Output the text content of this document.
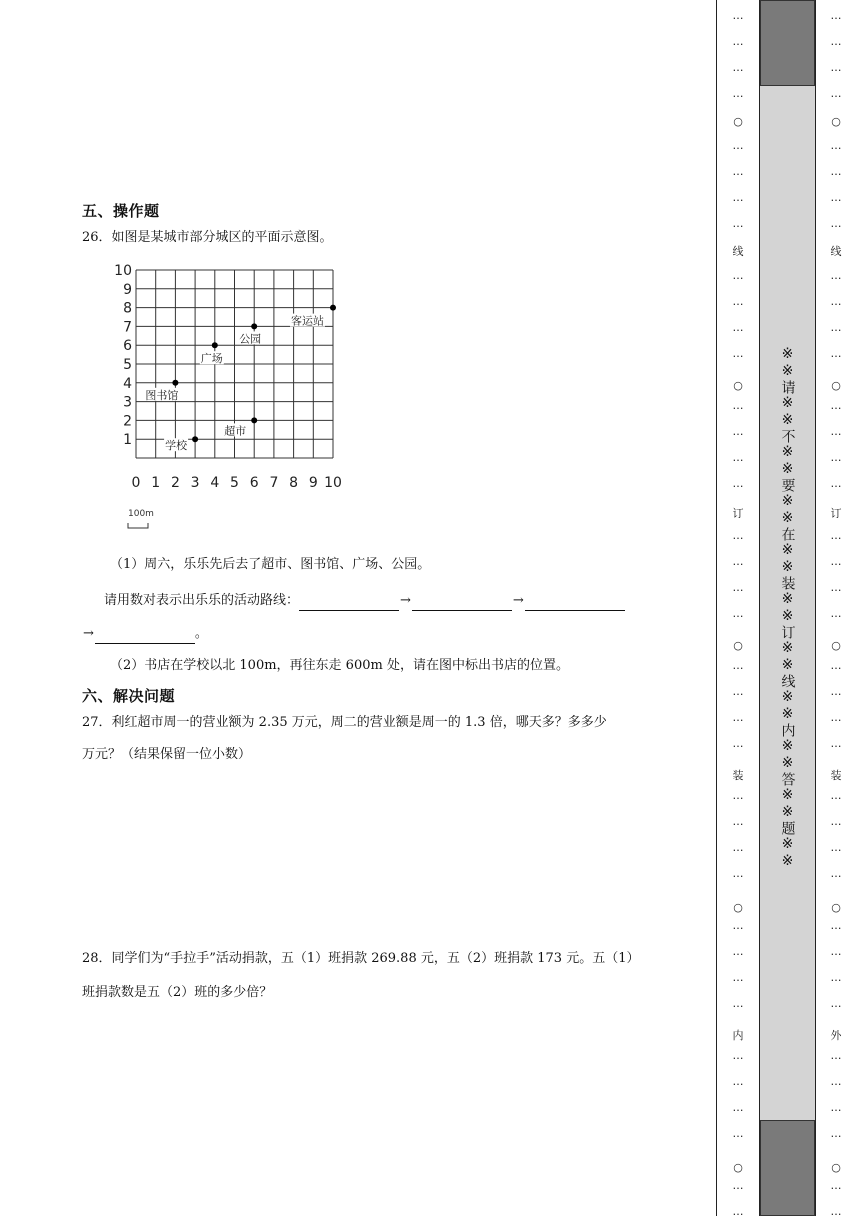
五、操作题
26．如图是某城市部分城区的平面示意图。
1
2
3
4
5
6
7
8
9
10
0 1 2 3 4 5 6 7 8 9 10
学校
超市
图书馆
广场
公园
客运站
100m
（1）周六，乐乐先后去了超市、图书馆、广场、公园。
请用数对表示出乐乐的活动路线：	→	→
→	。
（2）书店在学校以北 100m，再往东走 600m 处，请在图中标出书店的位置。
六、解决问题
27．利红超市周一的营业额为 2.35 万元，周二的营业额是周一的 1.3 倍，哪天多？多多少
万元？（结果保留一位小数）
28．同学们为“手拉手”活动捐款，五（1）班捐款 269.88 元，五（2）班捐款 173 元。五（1）
班捐款数是五（2）班的多少倍？
※※请※※不※※要※※在※※装※※订※※线※※内※※答※※题※※
…
…
…
…
…
…
…
…
…
…
…
…
…
…
…
…
…
…
…
…
…
…
…
…
…
…
…
…
…
…
…
…
…
…
…
…
…
…
○
○
○
○
○
线
订
装
内
…
…
…
…
…
…
…
…
…
…
…
…
…
…
…
…
…
…
…
…
…
…
…
…
…
…
…
…
…
…
…
…
…
…
…
…
…
…
○
○
○
○
○
线
订
装
外
